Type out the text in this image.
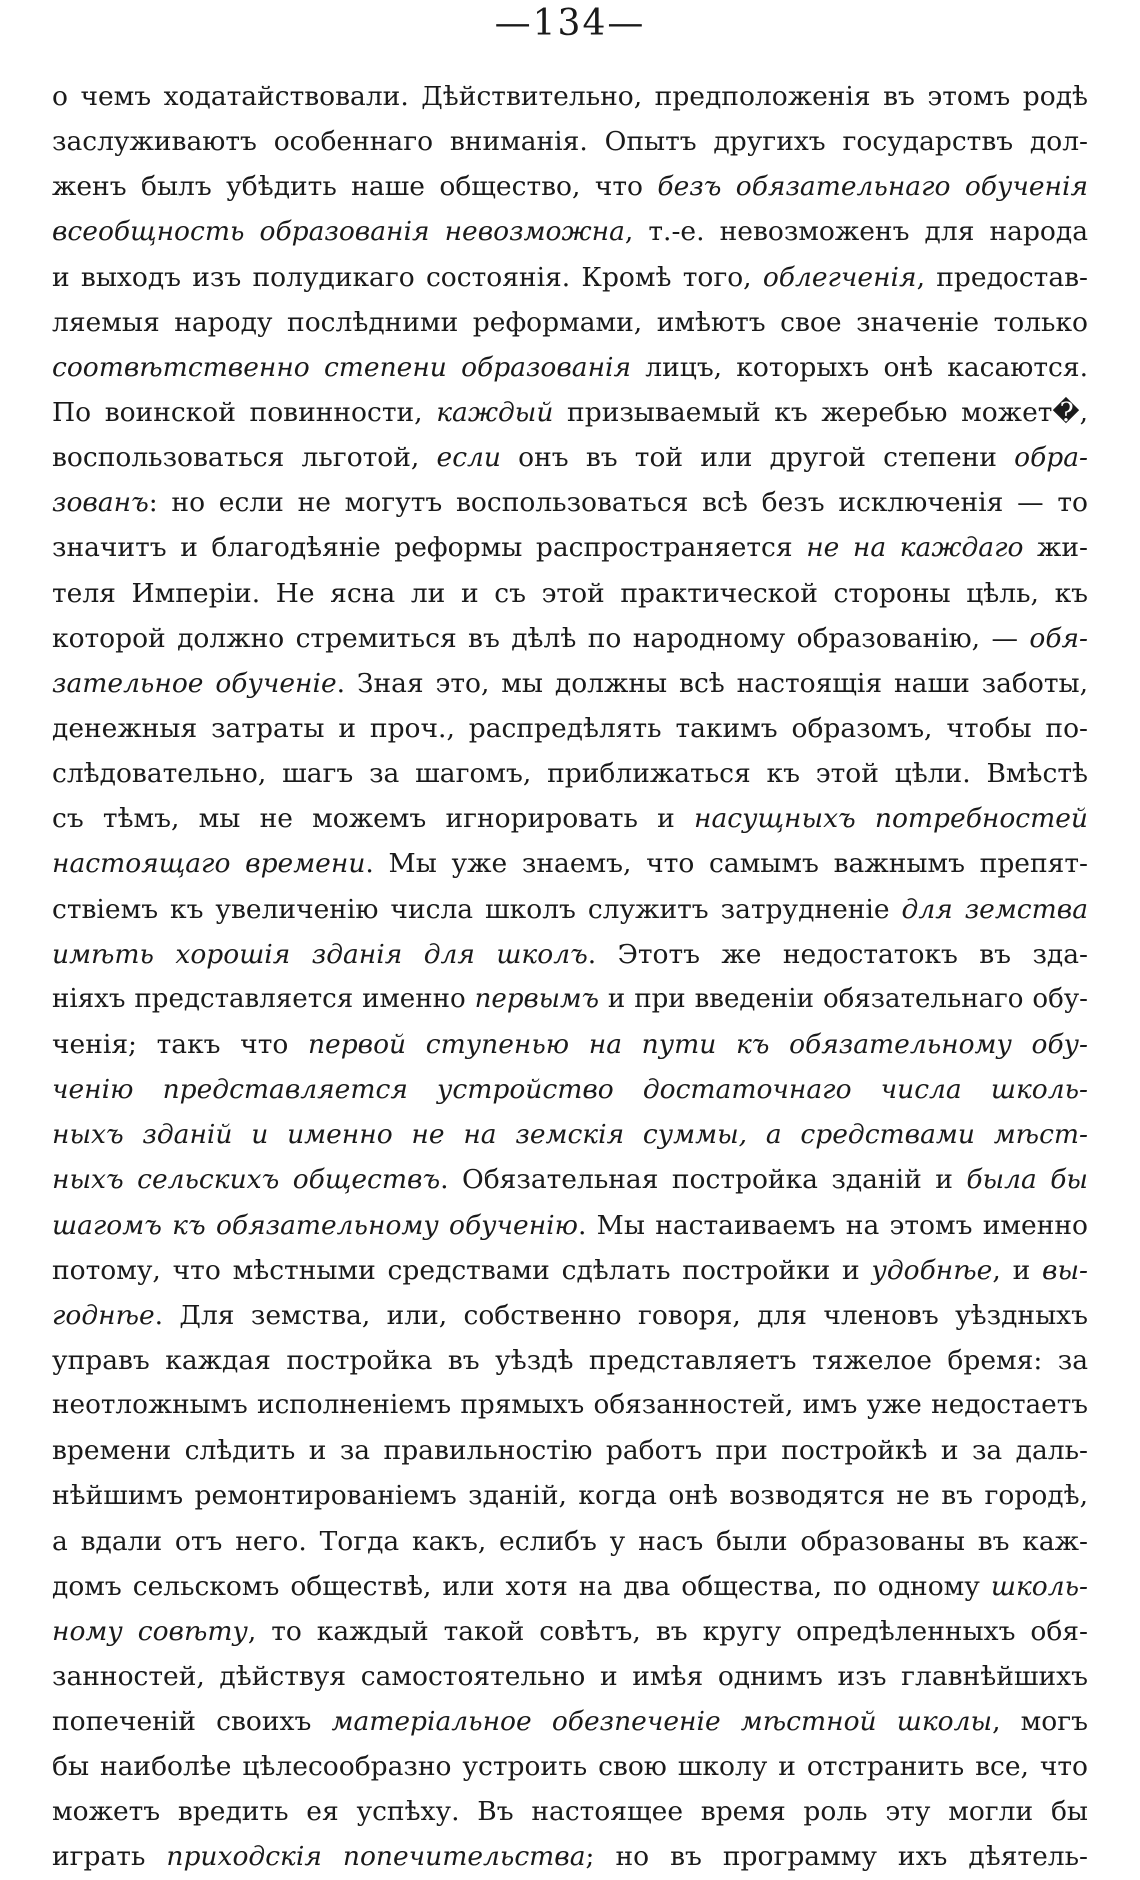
—134—
о чемъ ходатайствовали. Дѣйствительно, предположенія въ этомъ родѣ
заслуживаютъ особеннаго вниманія. Опытъ другихъ государствъ дол-
женъ былъ убѣдить наше общество, что безъ обязательнаго обученія
всеобщность образованія невозможна, т.-е. невозможенъ для народа
и выходъ изъ полудикаго состоянія. Кромѣ того, облегченія, предостав-
ляемыя народу послѣдними реформами, имѣютъ свое значеніе только
соотвѣтственно степени образованія лицъ, которыхъ онѣ касаются.
По воинской повинности, каждый призываемый къ жеребью может�,
воспользоваться льготой, если онъ въ той или другой степени обра-
зованъ: но если не могутъ воспользоваться всѣ безъ исключенія — то
значитъ и благодѣяніе реформы распространяется не на каждаго жи-
теля Имперіи. Не ясна ли и съ этой практической стороны цѣль, къ
которой должно стремиться въ дѣлѣ по народному образованію, — обя-
зательное обученіе. Зная это, мы должны всѣ настоящія наши заботы,
денежныя затраты и проч., распредѣлять такимъ образомъ, чтобы по-
слѣдовательно, шагъ за шагомъ, приближаться къ этой цѣли. Вмѣстѣ
съ тѣмъ, мы не можемъ игнорировать и насущныхъ потребностей
настоящаго времени. Мы уже знаемъ, что самымъ важнымъ препят-
ствіемъ къ увеличенію числа школъ служитъ затрудненіе для земства
имѣть хорошія зданія для школъ. Этотъ же недостатокъ въ зда-
ніяхъ представляется именно первымъ и при введеніи обязательнаго обу-
ченія; такъ что первой ступенью на пути къ обязательному обу-
ченію представляется устройство достаточнаго числа школь-
ныхъ зданій и именно не на земскія суммы, а средствами мѣст-
ныхъ сельскихъ обществъ. Обязательная постройка зданій и была бы
шагомъ къ обязательному обученію. Мы настаиваемъ на этомъ именно
потому, что мѣстными средствами сдѣлать постройки и удобнѣе, и вы-
годнѣе. Для земства, или, собственно говоря, для членовъ уѣздныхъ
управъ каждая постройка въ уѣздѣ представляетъ тяжелое бремя: за
неотложнымъ исполненіемъ прямыхъ обязанностей, имъ уже недостаетъ
времени слѣдить и за правильностію работъ при постройкѣ и за даль-
нѣйшимъ ремонтированіемъ зданій, когда онѣ возводятся не въ городѣ,
а вдали отъ него. Тогда какъ, еслибъ у насъ были образованы въ каж-
домъ сельскомъ обществѣ, или хотя на два общества, по одному школь-
ному совѣту, то каждый такой совѣтъ, въ кругу опредѣленныхъ обя-
занностей, дѣйствуя самостоятельно и имѣя однимъ изъ главнѣйшихъ
попеченій своихъ матеріальное обезпеченіе мѣстной школы, могъ
бы наиболѣе цѣлесообразно устроить свою школу и отстранить все, что
можетъ вредить ея успѣху. Въ настоящее время роль эту могли бы
играть приходскія попечительства; но въ программу ихъ дѣятель-
